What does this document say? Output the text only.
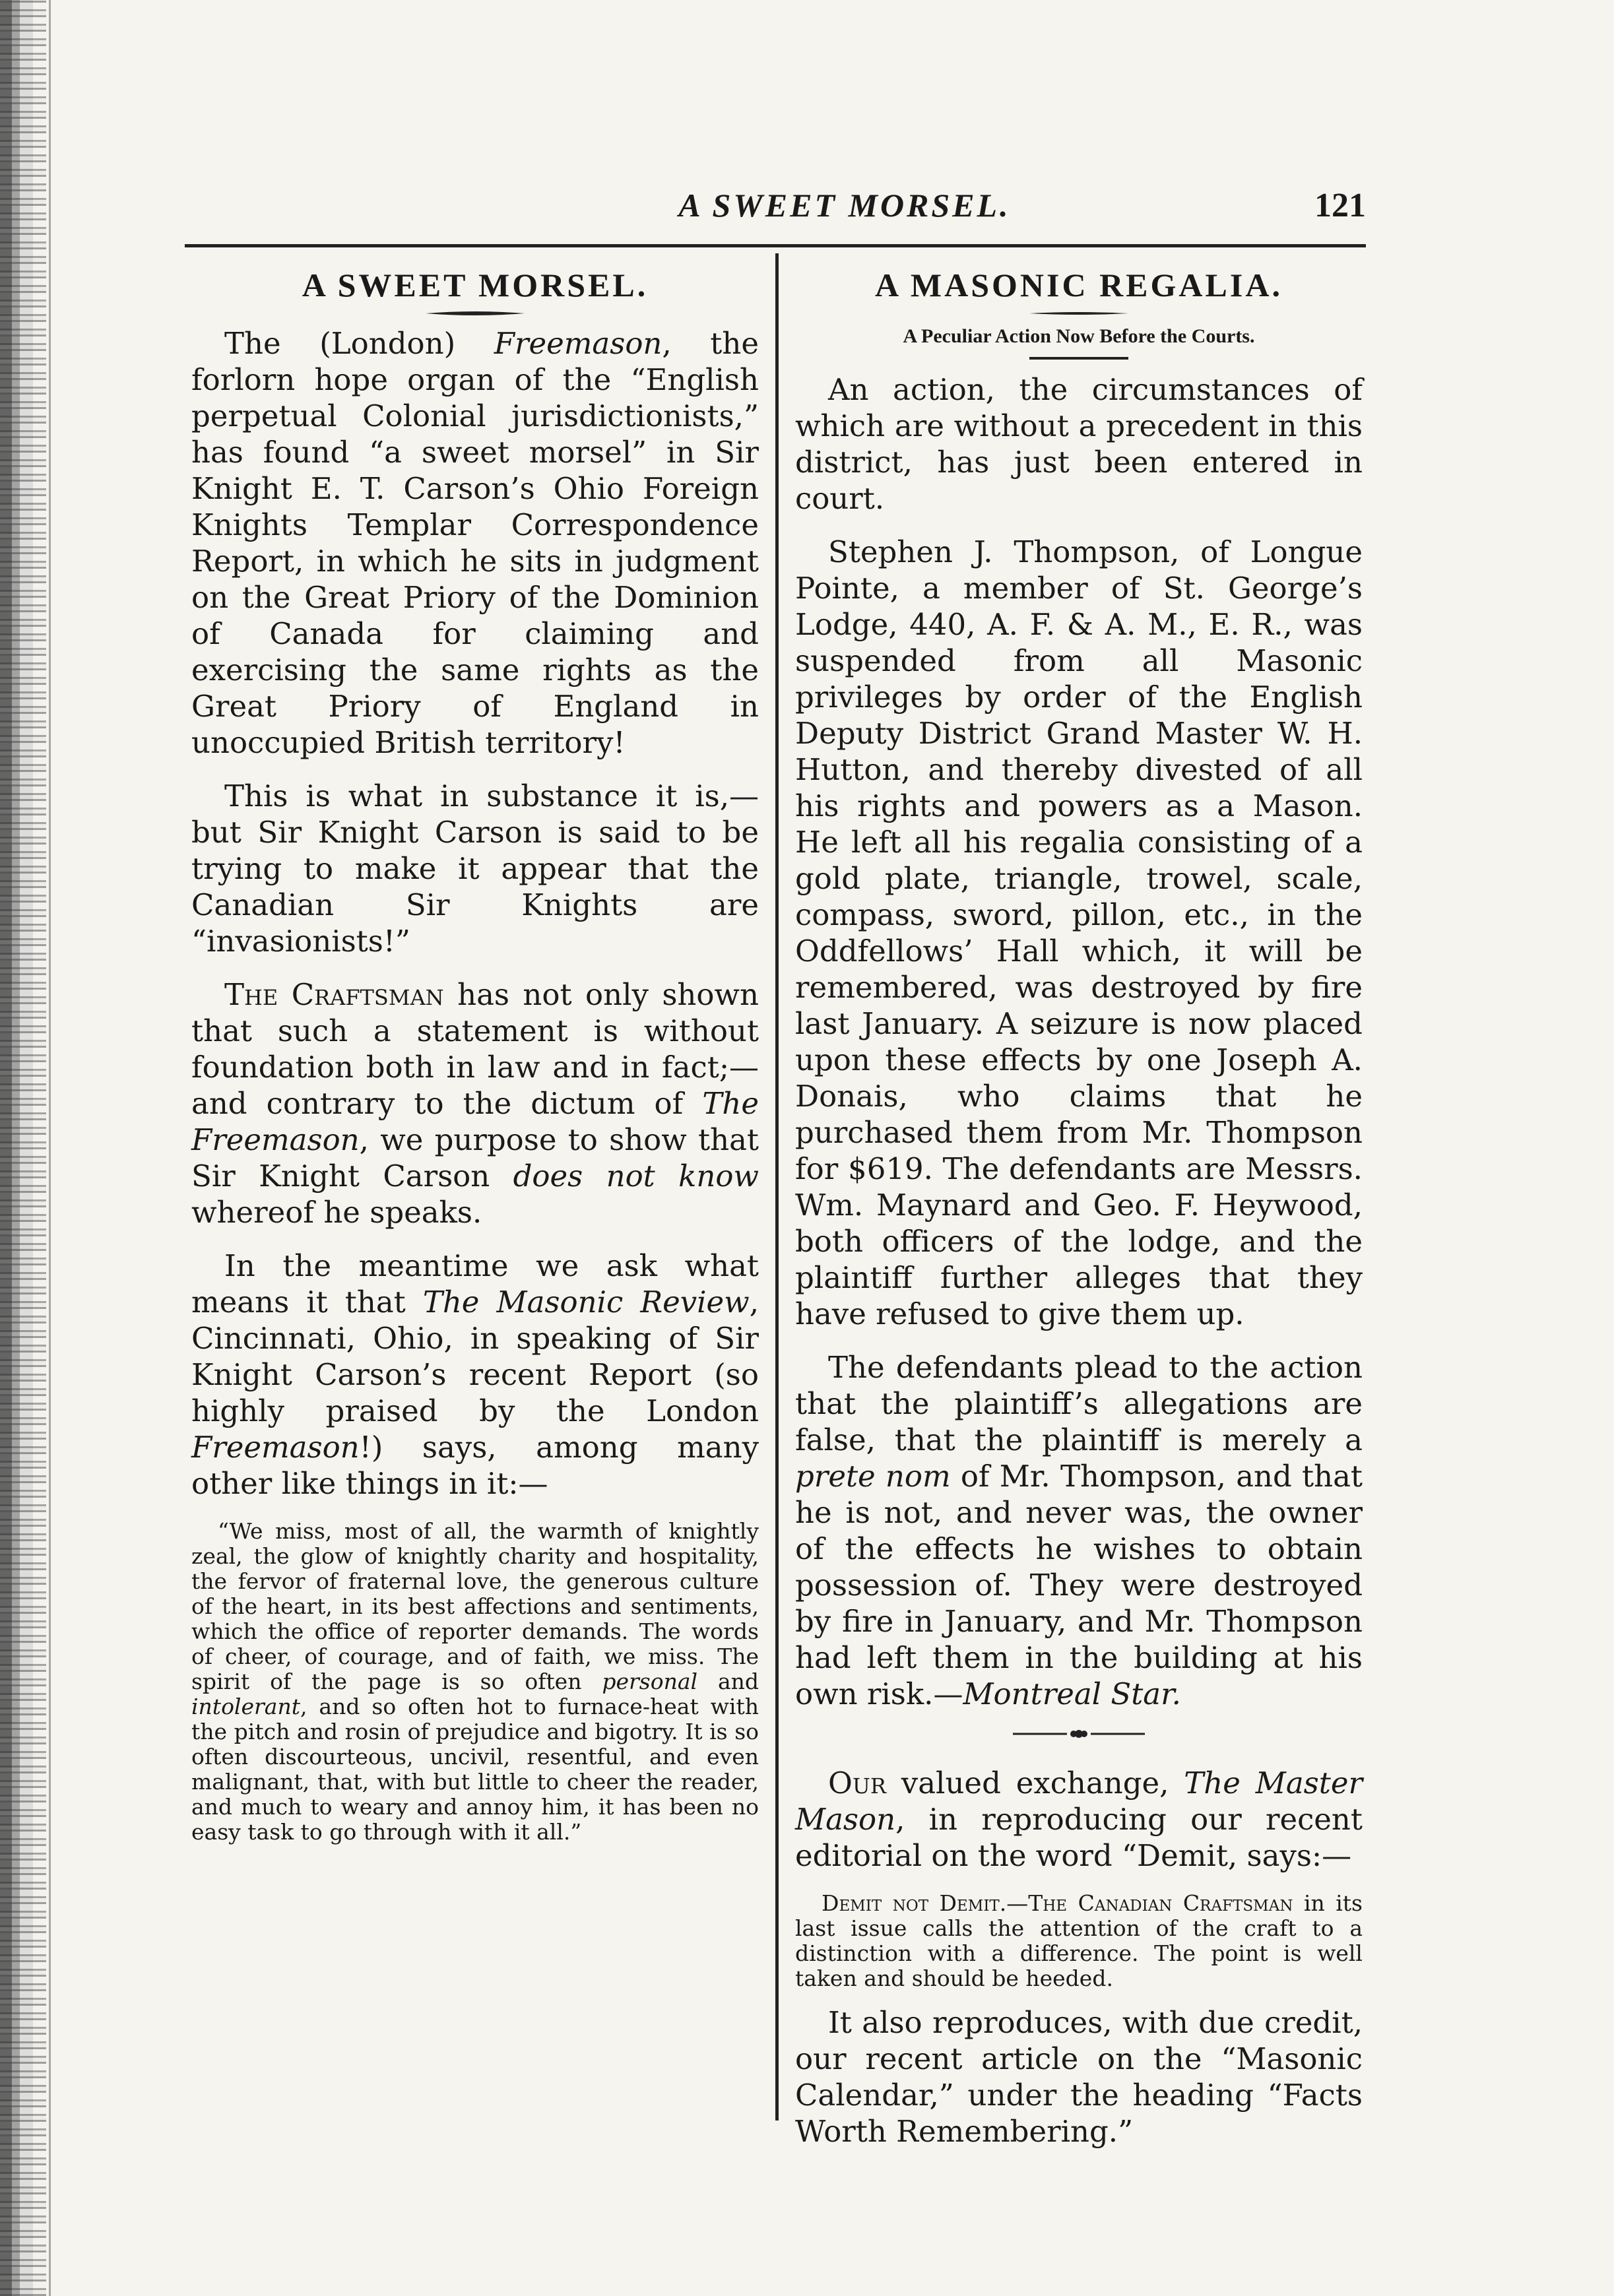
A SWEET MORSEL.	121
A SWEET MORSEL.

The (London) Freemason, the forlorn hope organ of the “English perpetual Colonial jurisdictionists,” has found “a sweet morsel” in Sir Knight E. T. Carson’s Ohio Foreign Knights Templar Correspondence Report, in which he sits in judgment on the Great Priory of the Dominion of Canada for claiming and exercising the same rights as the Great Priory of England in unoccupied British territory!

This is what in substance it is,—but Sir Knight Carson is said to be trying to make it appear that the Canadian Sir Knights are “invasionists!”

The Craftsman has not only shown that such a statement is without foundation both in law and in fact;—and contrary to the dictum of The Freemason, we purpose to show that Sir Knight Carson does not know whereof he speaks.

In the meantime we ask what means it that The Masonic Review, Cincinnati, Ohio, in speaking of Sir Knight Carson’s recent Report (so highly praised by the London Freemason!) says, among many other like things in it:—

“We miss, most of all, the warmth of knightly zeal, the glow of knightly charity and hospitality, the fervor of fraternal love, the generous culture of the heart, in its best affections and sentiments, which the office of reporter demands. The words of cheer, of courage, and of faith, we miss. The spirit of the page is so often personal and intolerant, and so often hot to furnace-heat with the pitch and rosin of prejudice and bigotry. It is so often discourteous, uncivil, resentful, and even malignant, that, with but little to cheer the reader, and much to weary and annoy him, it has been no easy task to go through with it all.”

A MASONIC REGALIA.
A Peculiar Action Now Before the Courts.

An action, the circumstances of which are without a precedent in this district, has just been entered in court.

Stephen J. Thompson, of Longue Pointe, a member of St. George’s Lodge, 440, A. F. & A. M., E. R., was suspended from all Masonic privileges by order of the English Deputy District Grand Master W. H. Hutton, and thereby divested of all his rights and powers as a Mason. He left all his regalia consisting of a gold plate, triangle, trowel, scale, compass, sword, pillon, etc., in the Oddfellows’ Hall which, it will be remembered, was destroyed by fire last January. A seizure is now placed upon these effects by one Joseph A. Donais, who claims that he purchased them from Mr. Thompson for $619. The defendants are Messrs. Wm. Maynard and Geo. F. Heywood, both officers of the lodge, and the plaintiff further alleges that they have refused to give them up.

The defendants plead to the action that the plaintiff’s allegations are false, that the plaintiff is merely a prete nom of Mr. Thompson, and that he is not, and never was, the owner of the effects he wishes to obtain possession of. They were destroyed by fire in January, and Mr. Thompson had left them in the building at his own risk.—Montreal Star.

Our valued exchange, The Master Mason, in reproducing our recent editorial on the word “Demit, says:—

Demit not Demit.—The Canadian Craftsman in its last issue calls the attention of the craft to a distinction with a difference. The point is well taken and should be heeded.

It also reproduces, with due credit, our recent article on the “Masonic Calendar,” under the heading “Facts Worth Remembering.”
